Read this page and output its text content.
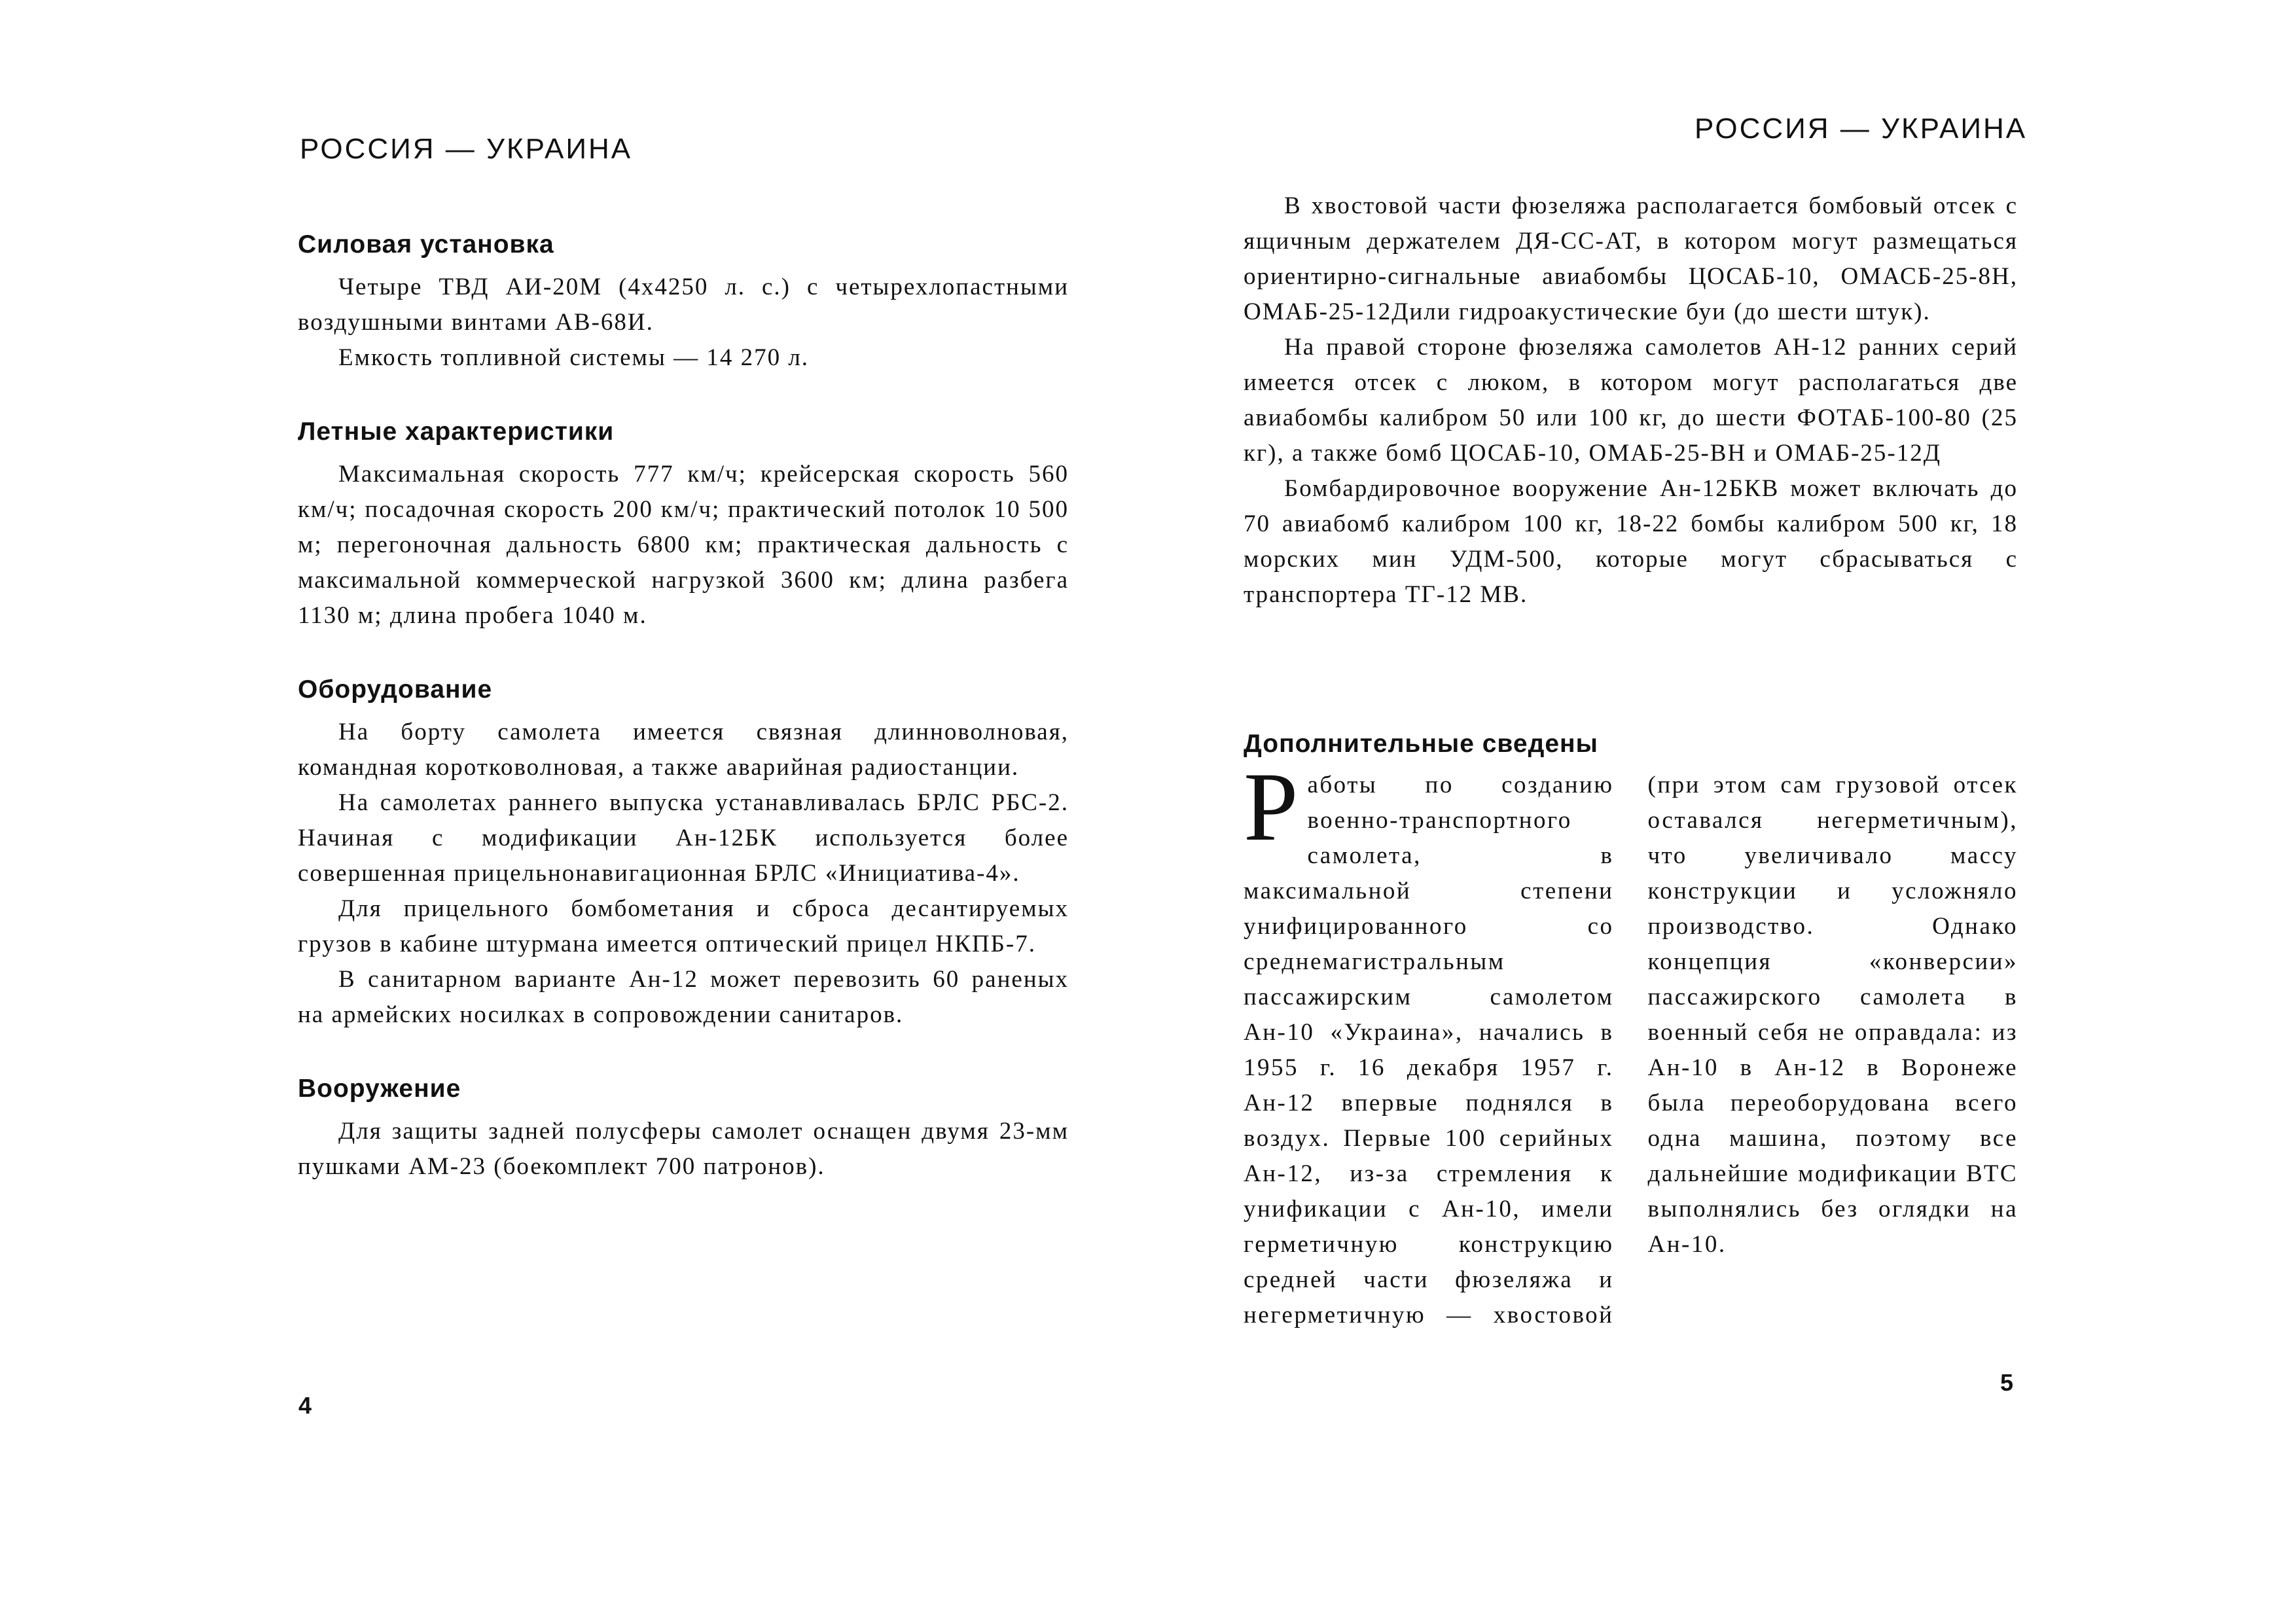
РОССИЯ — УКРАИНА
Силовая установка

Четыре ТВД АИ-20М (4х4250 л. с.) с четырехлопастными воздушными винтами АВ-68И.

Емкость топливной системы — 14 270 л.

Летные характеристики

Максимальная скорость 777 км/ч; крейсерская скорость 560 км/ч; посадочная скорость 200 км/ч; практический потолок 10 500 м; перегоночная дальность 6800 км; практическая дальность с максимальной коммерческой нагрузкой 3600 км; длина разбега 1130 м; длина пробега 1040 м.

Оборудование

На борту самолета имеется связная длинноволновая, командная коротковолновая, а также аварийная радиостанции.

На самолетах раннего выпуска устанавливалась БРЛС РБС-2. Начиная с модификации Ан-12БК используется более совершенная прицельнонавигационная БРЛС «Инициатива-4».

Для прицельного бомбометания и сброса десантируемых грузов в кабине штурмана имеется оптический прицел НКПБ-7.

В санитарном варианте Ан-12 может перевозить 60 раненых на армейских носилках в сопровождении санитаров.

Вооружение

Для защиты задней полусферы самолет оснащен двумя 23-мм пушками АМ-23 (боекомплект 700 патронов).

4
РОССИЯ — УКРАИНА

В хвостовой части фюзеляжа располагается бомбовый отсек с ящичным держателем ДЯ-СС-АТ, в котором могут размещаться ориентирно-сигнальные авиабомбы ЦОСАБ-10, ОМАСБ-25-8Н, ОМАБ-25-12Дили гидроакустические буи (до шести штук).

На правой стороне фюзеляжа самолетов АН-12 ранних серий имеется отсек с люком, в котором могут располагаться две авиабомбы калибром 50 или 100 кг, до шести ФОТАБ-100-80 (25 кг), а также бомб ЦОСАБ-10, ОМАБ-25-ВН и ОМАБ-25-12Д

Бомбардировочное вооружение Ан-12БКВ может включать до 70 авиабомб калибром 100 кг, 18-22 бомбы калибром 500 кг, 18 морских мин УДМ-500, которые могут сбрасываться с транспортера ТГ-12 МВ.

Дополнительные сведены
Р аботы по созданию военно-транспортного самолета, в максимальной степени унифицированного со среднемагистральным пассажирским самолетом Ан-10 «Украина», начались в 1955 г. 16 декабря 1957 г. Ан-12 впервые поднялся в воздух. Первые 100 серийных Ан-12, из-за стремления к унификации с Ан-10, имели герметичную конструкцию средней части фюзеляжа и негерметичную — хвостовой (при этом сам грузовой отсек оставался негерметичным), что увеличивало массу конструкции и усложняло производство. Однако концепция «конверсии» пассажирского самолета в военный себя не оправдала: из Ан-10 в Ан-12 в Воронеже была переоборудована всего одна машина, поэтому все дальнейшие модификации ВТС выполнялись без оглядки на Ан-10.

5
